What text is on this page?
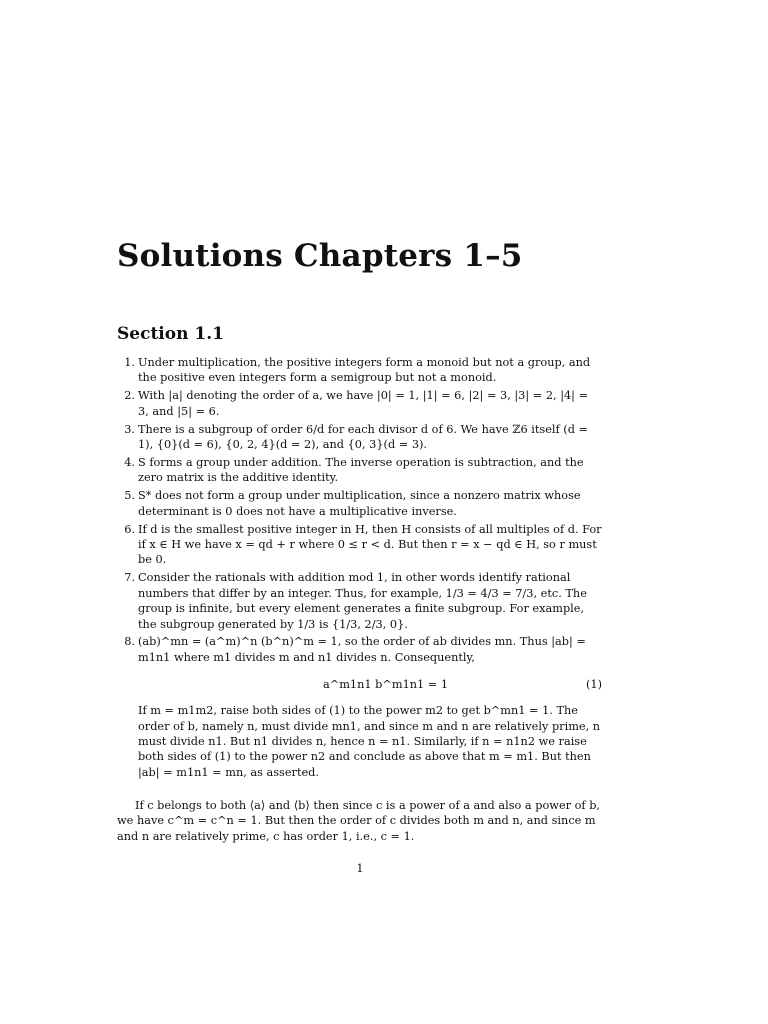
Solutions Chapters 1–5
Section 1.1
1. Under multiplication, the positive integers form a monoid but not a group, and the positive even integers form a semigroup but not a monoid.
2. With |a| denoting the order of a, we have |0| = 1, |1| = 6, |2| = 3, |3| = 2, |4| = 3, and |5| = 6.
3. There is a subgroup of order 6/d for each divisor d of 6. We have ℤ6 itself (d = 1), {0}(d = 6), {0, 2, 4}(d = 2), and {0, 3}(d = 3).
4. S forms a group under addition. The inverse operation is subtraction, and the zero matrix is the additive identity.
5. S* does not form a group under multiplication, since a nonzero matrix whose determinant is 0 does not have a multiplicative inverse.
6. If d is the smallest positive integer in H, then H consists of all multiples of d. For if x ∈ H we have x = qd + r where 0 ≤ r < d. But then r = x − qd ∈ H, so r must be 0.
7. Consider the rationals with addition mod 1, in other words identify rational numbers that differ by an integer. Thus, for example, 1/3 = 4/3 = 7/3, etc. The group is infinite, but every element generates a finite subgroup. For example, the subgroup generated by 1/3 is {1/3, 2/3, 0}.
8. (ab)^mn = (a^m)^n (b^n)^m = 1, so the order of ab divides mn. Thus |ab| = m1n1 where m1 divides m and n1 divides n. Consequently,
a^m1n1 b^m1n1 = 1	(1)
If m = m1m2, raise both sides of (1) to the power m2 to get b^mn1 = 1. The order of b, namely n, must divide mn1, and since m and n are relatively prime, n must divide n1. But n1 divides n, hence n = n1. Similarly, if n = n1n2 we raise both sides of (1) to the power n2 and conclude as above that m = m1. But then |ab| = m1n1 = mn, as asserted.

If c belongs to both ⟨a⟩ and ⟨b⟩ then since c is a power of a and also a power of b, we have c^m = c^n = 1. But then the order of c divides both m and n, and since m and n are relatively prime, c has order 1, i.e., c = 1.

1
